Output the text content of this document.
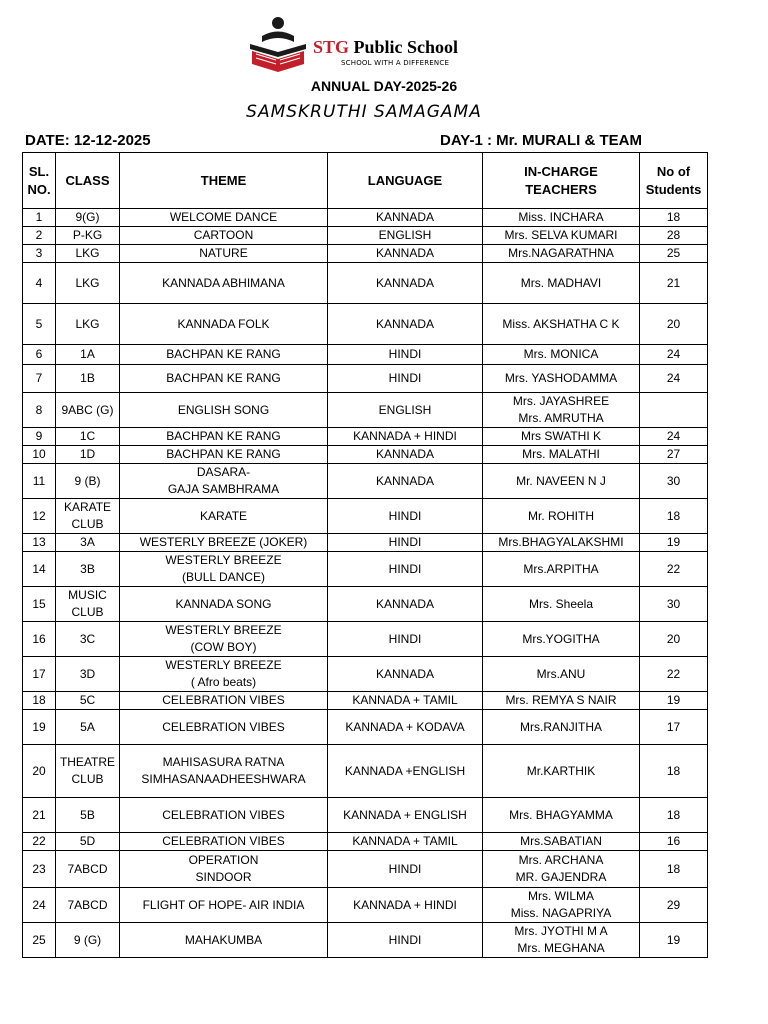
STG Public School
SCHOOL WITH A DIFFERENCE
ANNUAL DAY-2025-26
SAMSKRUTHI SAMAGAMA
DATE: 12-12-2025	DAY-1 : Mr. MURALI & TEAM
SL.
NO.	CLASS	THEME	LANGUAGE	IN-CHARGE
TEACHERS	No of
Students
1	9(G)	WELCOME DANCE	KANNADA	Miss. INCHARA	18
2	P-KG	CARTOON	ENGLISH	Mrs. SELVA KUMARI	28
3	LKG	NATURE	KANNADA	Mrs.NAGARATHNA	25
4	LKG	KANNADA ABHIMANA	KANNADA	Mrs. MADHAVI	21
5	LKG	KANNADA FOLK	KANNADA	Miss. AKSHATHA C K	20
6	1A	BACHPAN KE RANG	HINDI	Mrs. MONICA	24
7	1B	BACHPAN KE RANG	HINDI	Mrs. YASHODAMMA	24
8	9ABC (G)	ENGLISH SONG	ENGLISH	Mrs. JAYASHREE
Mrs. AMRUTHA	
9	1C	BACHPAN KE RANG	KANNADA + HINDI	Mrs SWATHI K	24
10	1D	BACHPAN KE RANG	KANNADA	Mrs. MALATHI	27
11	9 (B)	DASARA-
GAJA SAMBHRAMA	KANNADA	Mr. NAVEEN N J	30
12	KARATE
CLUB	KARATE	HINDI	Mr. ROHITH	18
13	3A	WESTERLY BREEZE (JOKER)	HINDI	Mrs.BHAGYALAKSHMI	19
14	3B	WESTERLY BREEZE
(BULL DANCE)	HINDI	Mrs.ARPITHA	22
15	MUSIC
CLUB	KANNADA SONG	KANNADA	Mrs. Sheela	30
16	3C	WESTERLY BREEZE
(COW BOY)	HINDI	Mrs.YOGITHA	20
17	3D	WESTERLY BREEZE
( Afro beats)	KANNADA	Mrs.ANU	22
18	5C	CELEBRATION VIBES	KANNADA + TAMIL	Mrs. REMYA S NAIR	19
19	5A	CELEBRATION VIBES	KANNADA + KODAVA	Mrs.RANJITHA	17
20	THEATRE
CLUB	MAHISASURA RATNA
SIMHASANAADHEESHWARA	KANNADA +ENGLISH	Mr.KARTHIK	18
21	5B	CELEBRATION VIBES	KANNADA + ENGLISH	Mrs. BHAGYAMMA	18
22	5D	CELEBRATION VIBES	KANNADA + TAMIL	Mrs.SABATIAN	16
23	7ABCD	OPERATION
SINDOOR	HINDI	Mrs. ARCHANA
MR. GAJENDRA	18
24	7ABCD	FLIGHT OF HOPE- AIR INDIA	KANNADA + HINDI	Mrs. WILMA
Miss. NAGAPRIYA	29
25	9 (G)	MAHAKUMBA	HINDI	Mrs. JYOTHI M A
Mrs. MEGHANA	19
